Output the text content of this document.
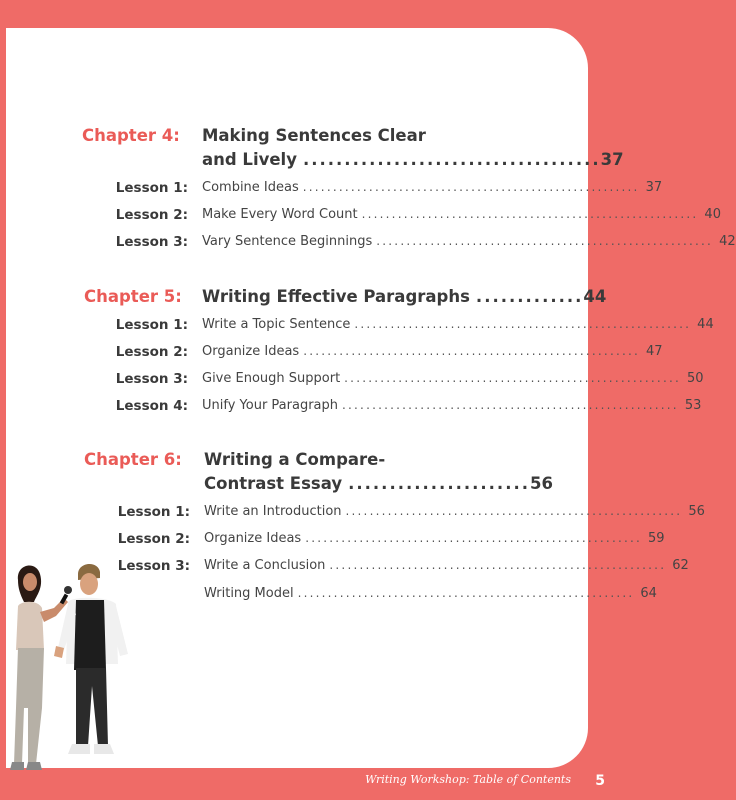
Chapter 4: Making Sentences Clear
and Lively .................................... 37
Lesson 1: Combine Ideas ........................................................ 37
Lesson 2: Make Every Word Count ........................................................ 40
Lesson 3: Vary Sentence Beginnings ........................................................ 42
Chapter 5: Writing Effective Paragraphs ............. 44
Lesson 1: Write a Topic Sentence ........................................................ 44
Lesson 2: Organize Ideas ........................................................ 47
Lesson 3: Give Enough Support ........................................................ 50
Lesson 4: Unify Your Paragraph ........................................................ 53
Chapter 6: Writing a Compare-
Contrast Essay ...................... 56
Lesson 1: Write an Introduction ........................................................ 56
Lesson 2: Organize Ideas ........................................................ 59
Lesson 3: Write a Conclusion ........................................................ 62
Writing Model ........................................................ 64
Writing Workshop: Table of Contents 5
